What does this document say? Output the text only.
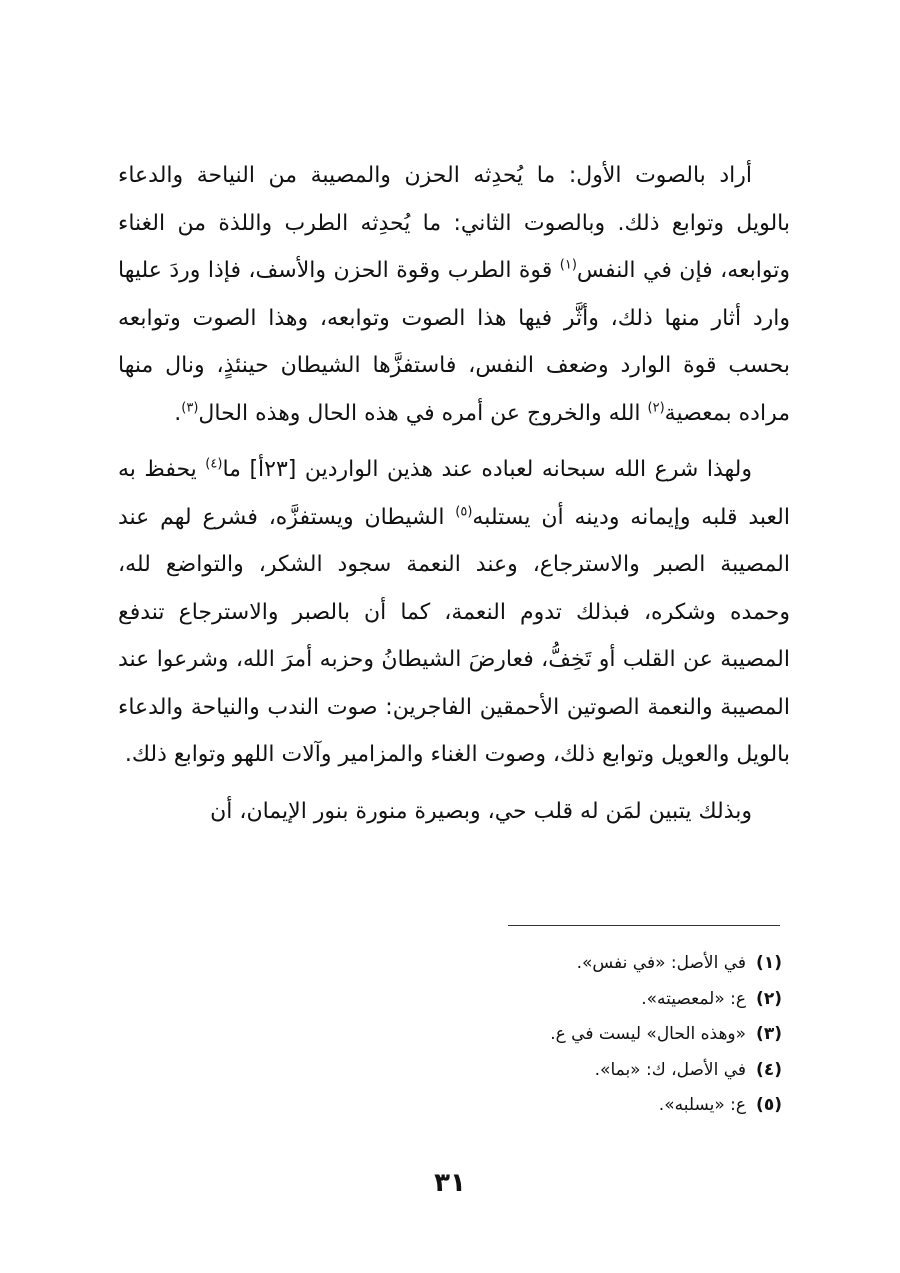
أراد بالصوت الأول: ما يُحدِثه الحزن والمصيبة من النياحة والدعاء بالويل وتوابع ذلك. وبالصوت الثاني: ما يُحدِثه الطرب واللذة من الغناء وتوابعه، فإن في النفس$^{(١)}$ قوة الطرب وقوة الحزن والأسف، فإذا وردَ عليها وارد أثار منها ذلك، وأثَّر فيها هذا الصوت وتوابعه، وهذا الصوت وتوابعه بحسب قوة الوارد وضعف النفس، فاستفزَّها الشيطان حينئذٍ، ونال منها مراده بمعصية$^{(٢)}$ الله والخروج عن أمره في هذه الحال وهذه الحال$^{(٣)}$.

ولهذا شرع الله سبحانه لعباده عند هذين الواردين [٢٣أ] ما$^{(٤)}$ يحفظ به العبد قلبه وإيمانه ودينه أن يستلبه$^{(٥)}$ الشيطان ويستفزَّه، فشرع لهم عند المصيبة الصبر والاسترجاع، وعند النعمة سجود الشكر، والتواضع لله، وحمده وشكره، فبذلك تدوم النعمة، كما أن بالصبر والاسترجاع تندفع المصيبة عن القلب أو تَخِفُّ، فعارضَ الشيطانُ وحزبه أمرَ الله، وشرعوا عند المصيبة والنعمة الصوتين الأحمقين الفاجرين: صوت الندب والنياحة والدعاء بالويل والعويل وتوابع ذلك، وصوت الغناء والمزامير وآلات اللهو وتوابع ذلك.

وبذلك يتبين لمَن له قلب حي، وبصيرة منورة بنور الإيمان، أن

(١)
في الأصل: «في نفس».
(٢)
ع: «لمعصيته».
(٣)
«وهذه الحال» ليست في ع.
(٤)
في الأصل، ك: «بما».
(٥)
ع: «يسلبه».
٣١
